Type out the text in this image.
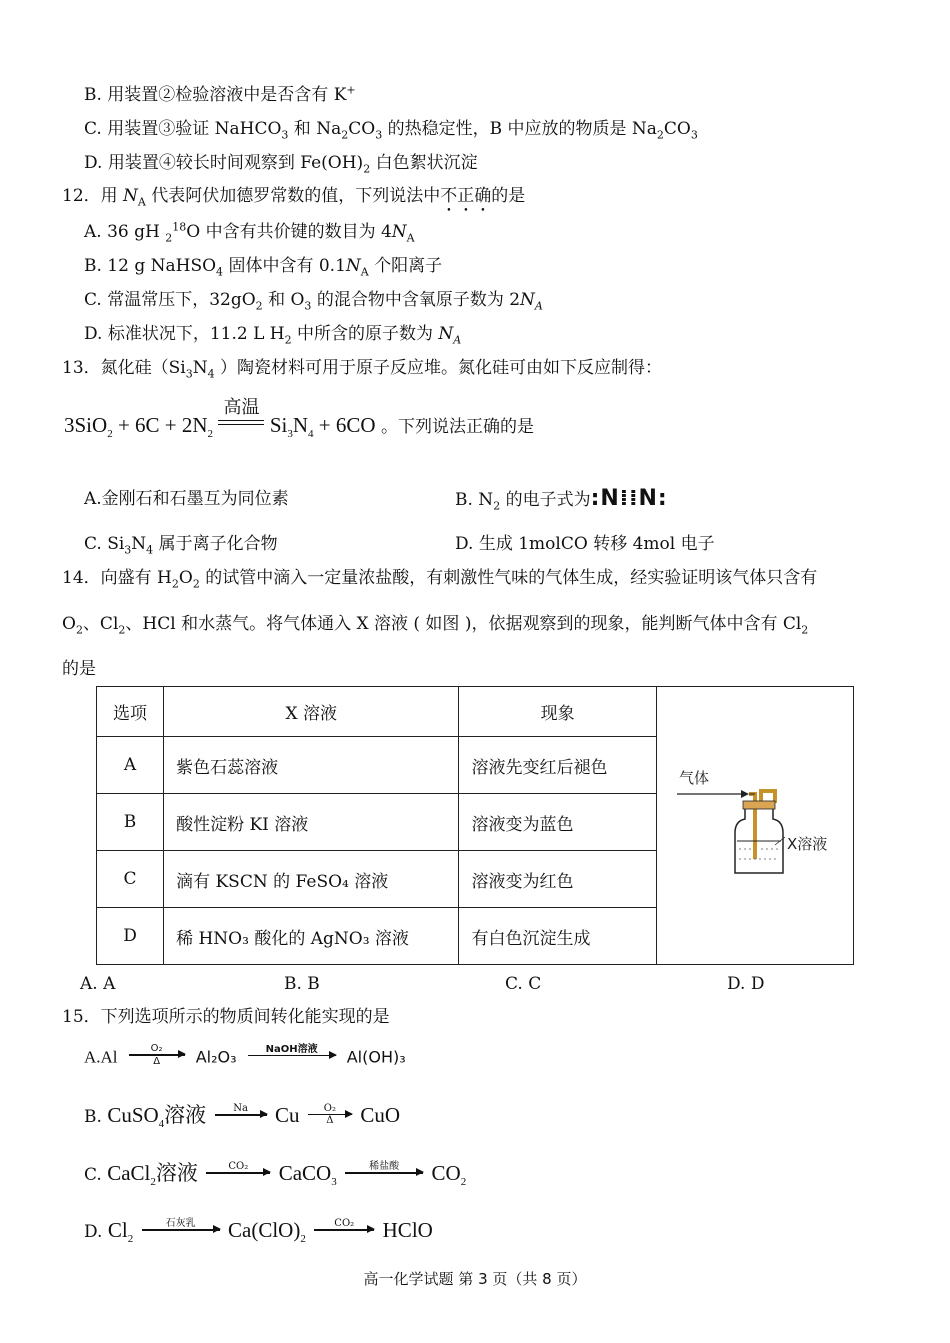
B. 用装置②检验溶液中是否含有 K+
C. 用装置③验证 NaHCO$_3$ 和 $Na_2CO_3$ 的热稳定性，B 中应放的物质是 $Na_2CO_3$
D. 用装置④较长时间观察到 $Fe(OH)_2$ 白色絮状沉淀
12．用 $N_A$ 代表阿伏加德罗常数的值，下列说法中不正确的是
A. 36 gH $_2^{18}$O 中含有共价键的数目为 $4N_A$
B. 12 g NaHSO$_4$ 固体中含有 $0.1N_A$ 个阳离子
C. 常温常压下，$32gO_2$ 和 $O_3$ 的混合物中含氧原子数为 $2N_A$
D. 标准状况下，11.2 L $H_2$ 中所含的原子数为 $N_A$
13．氮化硅（$Si_3N_4$ ）陶瓷材料可用于原子反应堆。氮化硅可由如下反应制得：
$3SiO_2 + 6C + 2N_2$
高温
$Si_3N_4 + 6CO$ 。下列说法正确的是
A.金刚石和石墨互为同位素	B. $N_2$ 的电子式为:N⁞⁞N:
C. $Si_3N_4$ 属于离子化合物	D. 生成 1molCO 转移 4mol 电子
14．向盛有 $H_2O_2$ 的试管中滴入一定量浓盐酸，有刺激性气味的气体生成，经实验证明该气体只含有
$O_2$、$Cl_2$、HCl 和水蒸气。将气体通入 X 溶液 ( 如图 )，依据观察到的现象，能判断气体中含有 $Cl_2$
的是
选项	X 溶液	现象	气体
X溶液

A	紫色石蕊溶液	溶液先变红后褪色	
B	酸性淀粉 KI 溶液	溶液变为蓝色	
C	滴有 KSCN 的 FeSO₄ 溶液	溶液变为红色	
D	稀 HNO₃ 酸化的 AgNO₃ 溶液	有白色沉淀生成	
A. A	B. B	C. C	D. D
15．下列选项所示的物质间转化能实现的是
$A.Al \frac{\text{O₂}}{\Delta} Al_2O_3$	NaOH溶液	Al(OH)₃
B. CuSO$_4$溶液	Na	Cu $\frac{\text{O₂}}{\Delta}$ CuO
C. CaCl$_2$溶液	CO₂	CaCO$_3$
稀盐酸	$CO_2$
D. $Cl_2$
石灰乳	$Ca(ClO)_2$
CO₂	HClO
高一化学试题 第 3 页（共 8 页）
